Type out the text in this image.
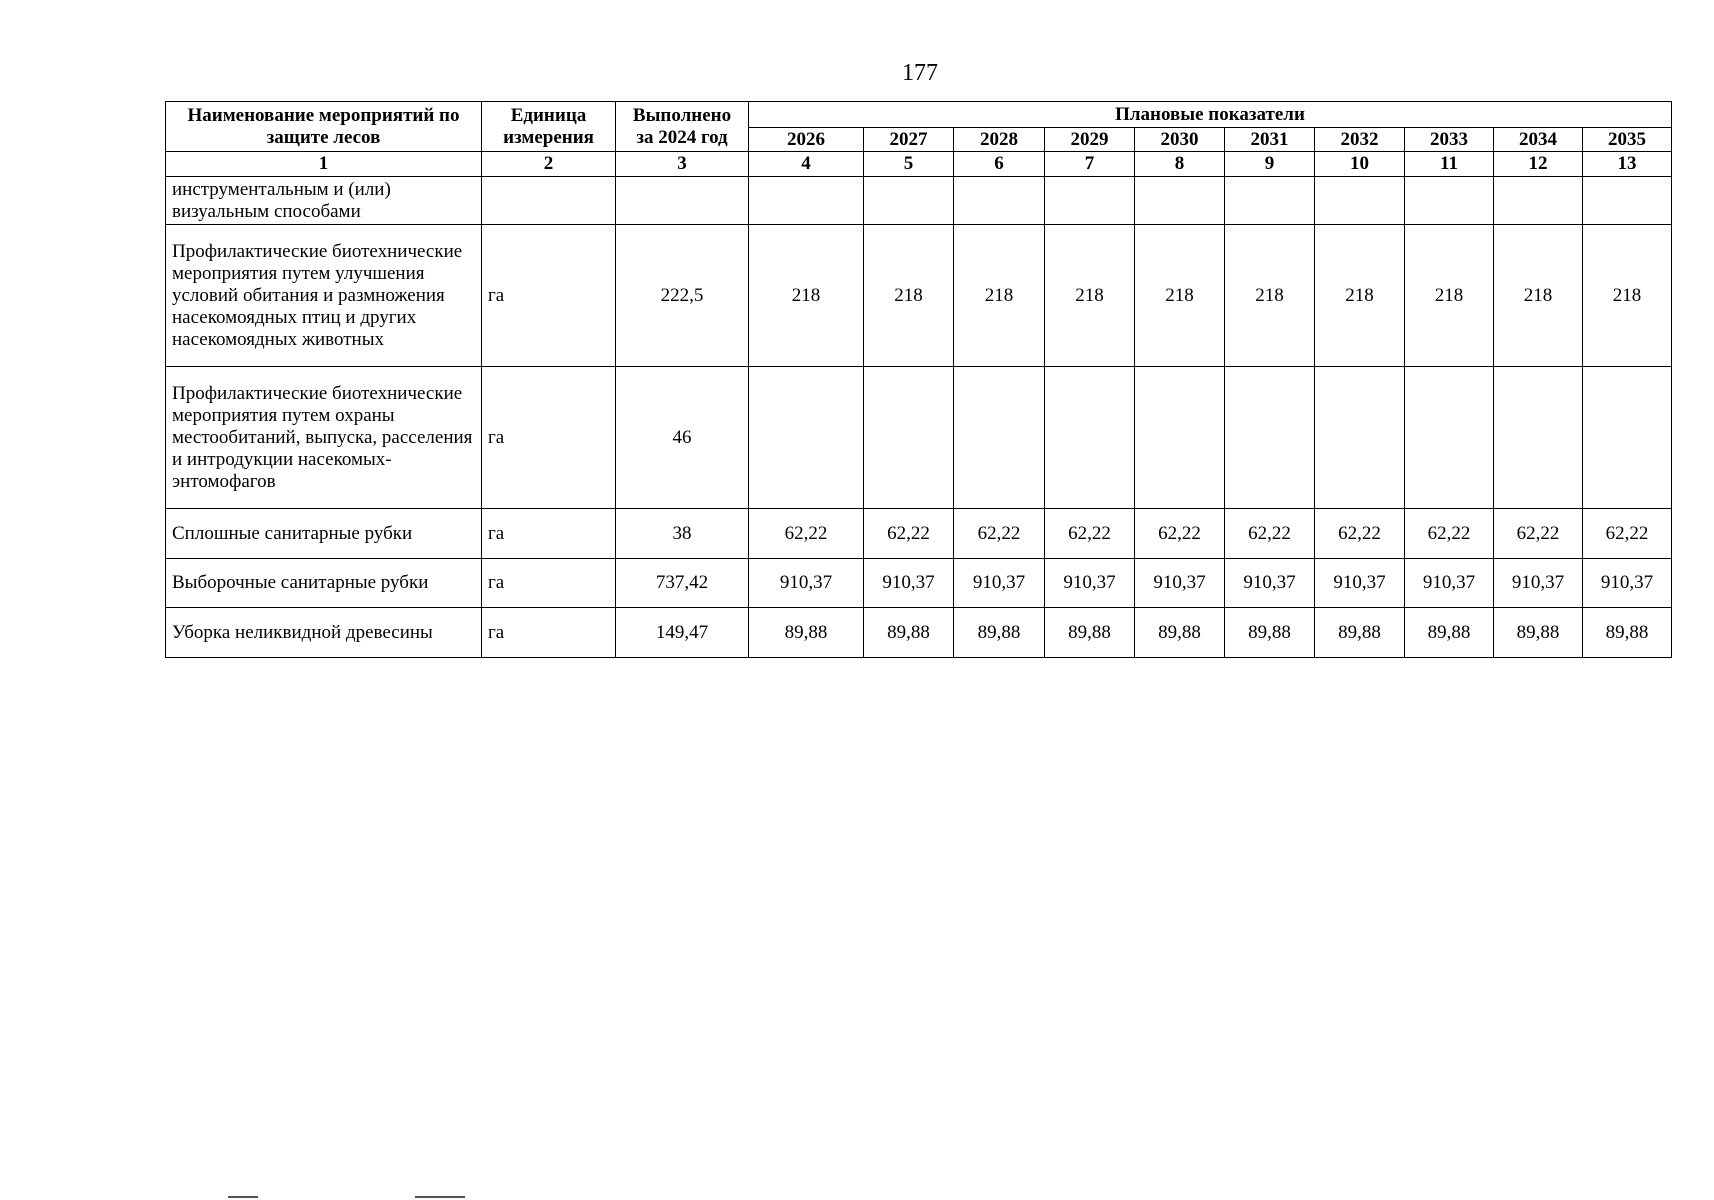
177
Наименование мероприятий по защите лесов	Единица измерения	Выполнено за 2024 год	Плановые показатели									
			2026	2027	2028	2029	2030	2031	2032	2033	2034	2035
1	2	3	4	5	6	7	8	9	10	11	12	13
инструментальным и (или) визуальным способами												
Профилактические биотехнические мероприятия путем улучшения условий обитания и размножения насекомоядных птиц и других насекомоядных животных	га	222,5	218	218	218	218	218	218	218	218	218	218
Профилактические биотехнические мероприятия путем охраны местообитаний, выпуска, расселения и интродукции насекомых-энтомофагов	га	46										
Сплошные санитарные рубки	га	38	62,22	62,22	62,22	62,22	62,22	62,22	62,22	62,22	62,22	62,22
Выборочные санитарные рубки	га	737,42	910,37	910,37	910,37	910,37	910,37	910,37	910,37	910,37	910,37	910,37
Уборка неликвидной древесины	га	149,47	89,88	89,88	89,88	89,88	89,88	89,88	89,88	89,88	89,88	89,88
